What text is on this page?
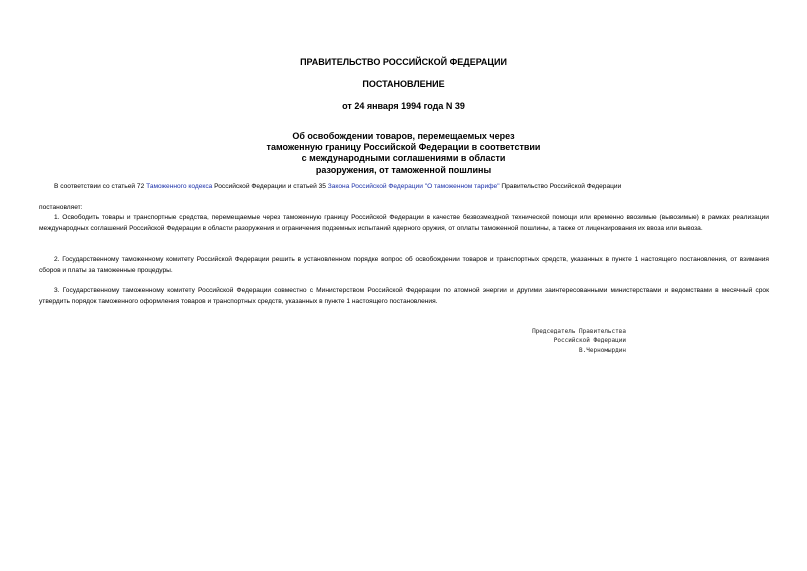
ПРАВИТЕЛЬСТВО РОССИЙСКОЙ ФЕДЕРАЦИИ
ПОСТАНОВЛЕНИЕ
от 24 января 1994 года N 39
Об освобождении товаров, перемещаемых через
таможенную границу Российской Федерации в соответствии
с международными соглашениями в области
разоружения, от таможенной пошлины
В соответствии со статьей 72 Таможенного кодекса Российской Федерации и статьей 35 Закона Российской Федерации "О таможенном тарифе" Правительство Российской Федерации
постановляет:
1. Освободить товары и транспортные средства, перемещаемые через таможенную границу Российской Федерации в качестве безвозмездной технической помощи или временно ввозимые (вывозимые) в рамках реализации международных соглашений Российской Федерации в области разоружения и ограничения подземных испытаний ядерного оружия, от оплаты таможенной пошлины, а также от лицензирования их ввоза или вывоза.
2. Государственному таможенному комитету Российской Федерации решить в установленном порядке вопрос об освобождении товаров и транспортных средств, указанных в пункте 1 настоящего постановления, от взимания сборов и платы за таможенные процедуры.
3. Государственному таможенному комитету Российской Федерации совместно с Министерством Российской Федерации по атомной энергии и другими заинтересованными министерствами и ведомствами в месячный срок утвердить порядок таможенного оформления товаров и транспортных средств, указанных в пункте 1 настоящего постановления.
Председатель Правительства
Российской Федерации
В.Черномырдин
